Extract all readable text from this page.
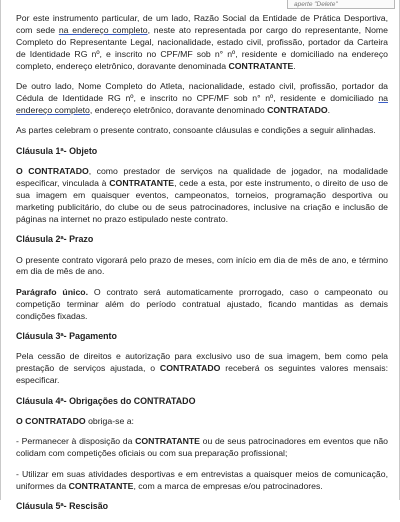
aperte "Delete"

Por este instrumento particular, de um lado, Razão Social da Entidade de Prática Desportiva, com sede na endereço completo, neste ato representada por cargo do representante, Nome Completo do Representante Legal, nacionalidade, estado civil, profissão, portador da Carteira de Identidade RG nº, e inscrito no CPF/MF sob n° nº, residente e domiciliado na endereço completo, endereço eletrônico, doravante denominada CONTRATANTE.

De outro lado, Nome Completo do Atleta, nacionalidade, estado civil, profissão, portador da Cédula de Identidade RG nº, e inscrito no CPF/MF sob n° nº, residente e domiciliado na endereço completo, endereço eletrônico, doravante denominado CONTRATADO.

As partes celebram o presente contrato, consoante cláusulas e condições a seguir alinhadas.

Cláusula 1ª- Objeto

O CONTRATADO, como prestador de serviços na qualidade de jogador, na modalidade especificar, vinculada à CONTRATANTE, cede a esta, por este instrumento, o direito de uso de sua imagem em quaisquer eventos, campeonatos, torneios, programação desportiva ou marketing publicitário, do clube ou de seus patrocinadores, inclusive na criação e inclusão de páginas na internet no prazo estipulado neste contrato.

Cláusula 2ª- Prazo

O presente contrato vigorará pelo prazo de meses, com início em dia de mês de ano, e término em dia de mês de ano.

Parágrafo único. O contrato será automaticamente prorrogado, caso o campeonato ou competição terminar além do período contratual ajustado, ficando mantidas as demais condições fixadas.

Cláusula 3ª- Pagamento

Pela cessão de direitos e autorização para exclusivo uso de sua imagem, bem como pela prestação de serviços ajustada, o CONTRATADO receberá os seguintes valores mensais: especificar.

Cláusula 4ª- Obrigações do CONTRATADO

O CONTRATADO obriga-se a:

- Permanecer à disposição da CONTRATANTE ou de seus patrocinadores em eventos que não colidam com competições oficiais ou com sua preparação profissional;

- Utilizar em suas atividades desportivas e em entrevistas a quaisquer meios de comunicação, uniformes da CONTRATANTE, com a marca de empresas e/ou patrocinadores.

Cláusula 5ª- Rescisão
